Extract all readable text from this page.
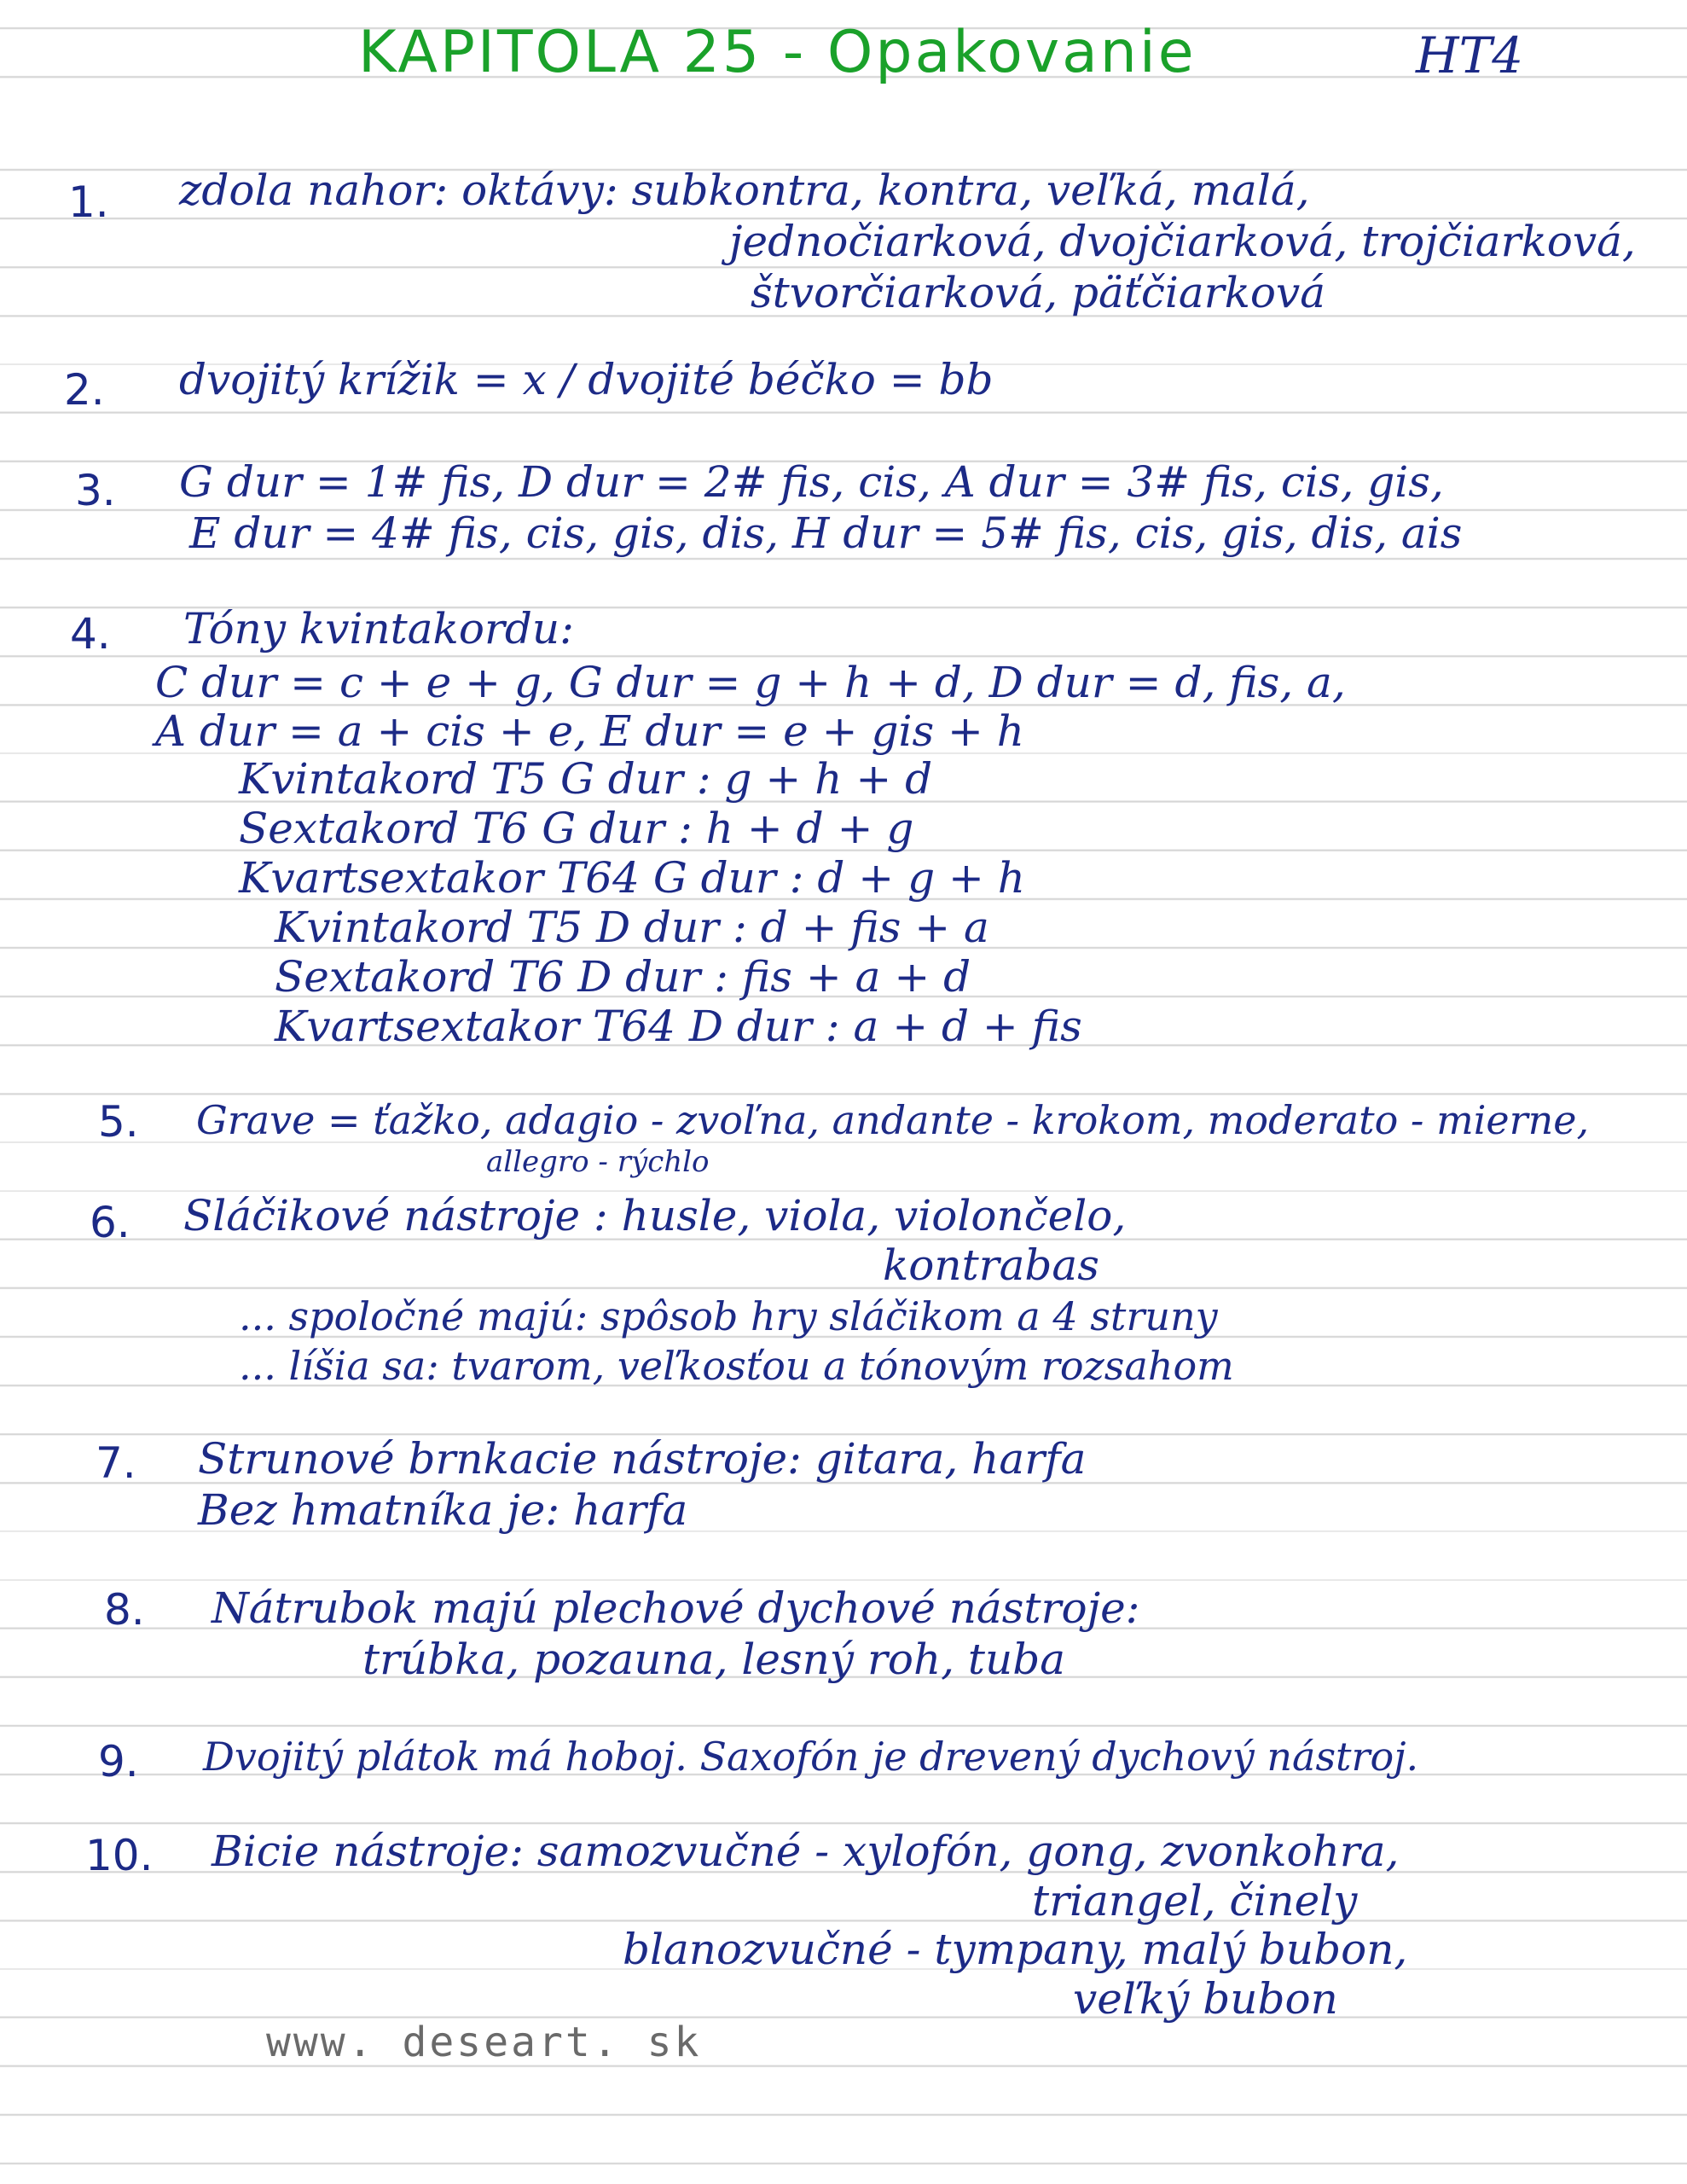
KAPITOLA 25 - Opakovanie	HT4
1. zdola nahor: oktávy: subkontra, kontra, veľká, malá,
jednočiarková, dvojčiarková, trojčiarková,
štvorčiarková, päťčiarková
2. dvojitý krížik = x / dvojité béčko = bb
3. G dur = 1# fis, D dur = 2# fis, cis, A dur = 3# fis, cis, gis,
E dur = 4# fis, cis, gis, dis, H dur = 5# fis, cis, gis, dis, ais
4. Tóny kvintakordu:
C dur = c + e + g, G dur = g + h + d, D dur = d, fis, a,
A dur = a + cis + e, E dur = e + gis + h
Kvintakord T5 G dur : g + h + d
Sextakord T6 G dur : h + d + g
Kvartsextakor T64 G dur : d + g + h
Kvintakord T5 D dur : d + fis + a
Sextakord T6 D dur : fis + a + d
Kvartsextakor T64 D dur : a + d + fis
5. Grave = ťažko, adagio - zvoľna, andante - krokom, moderato - mierne,
allegro - rýchlo
6. Sláčikové nástroje : husle, viola, violončelo,
kontrabas
... spoločné majú: spôsob hry sláčikom a 4 struny
... líšia sa: tvarom, veľkosťou a tónovým rozsahom
7. Strunové brnkacie nástroje: gitara, harfa
Bez hmatníka je: harfa
8. Nátrubok majú plechové dychové nástroje:
trúbka, pozauna, lesný roh, tuba
9. Dvojitý plátok má hoboj. Saxofón je drevený dychový nástroj.
10. Bicie nástroje: samozvučné - xylofón, gong, zvonkohra,
triangel, činely
blanozvučné - tympany, malý bubon,
veľký bubon
www. deseart. sk
